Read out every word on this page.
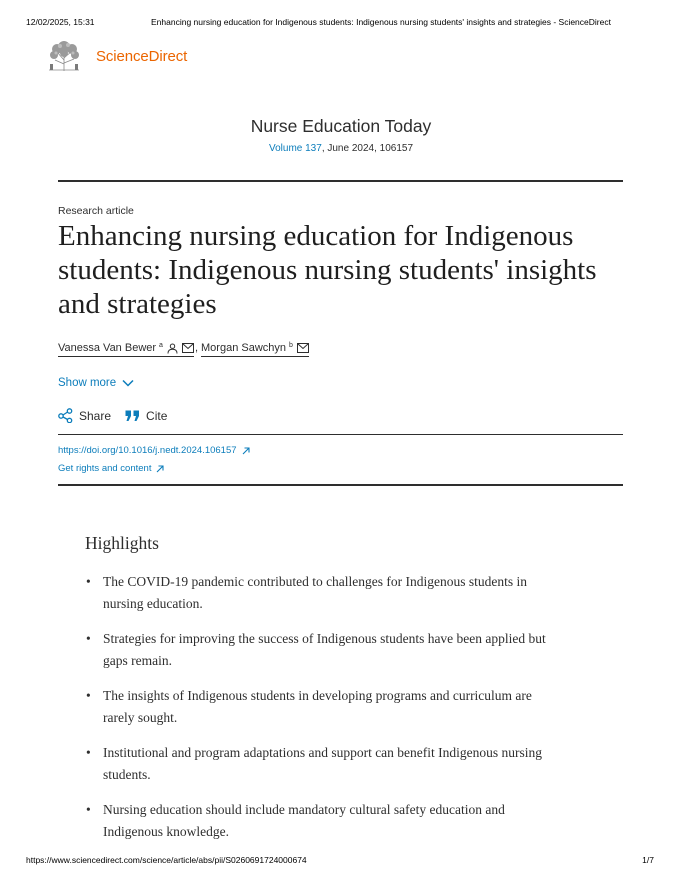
12/02/2025, 15:31	Enhancing nursing education for Indigenous students: Indigenous nursing students' insights and strategies - ScienceDirect
ScienceDirect
Nurse Education Today
Volume 137, June 2024, 106157
Research article
Enhancing nursing education for Indigenous students: Indigenous nursing students' insights and strategies
Vanessa Van Bewer $^a$	, Morgan Sawchyn $^b$
Show more
Share	Cite
https://doi.org/10.1016/j.nedt.2024.106157
Get rights and content
Highlights
• The COVID-19 pandemic contributed to challenges for Indigenous students in nursing education.
• Strategies for improving the success of Indigenous students have been applied but gaps remain.
• The insights of Indigenous students in developing programs and curriculum are rarely sought.
• Institutional and program adaptations and support can benefit Indigenous nursing students.
• Nursing education should include mandatory cultural safety education and Indigenous knowledge.
https://www.sciencedirect.com/science/article/abs/pii/S0260691724000674	1/7
